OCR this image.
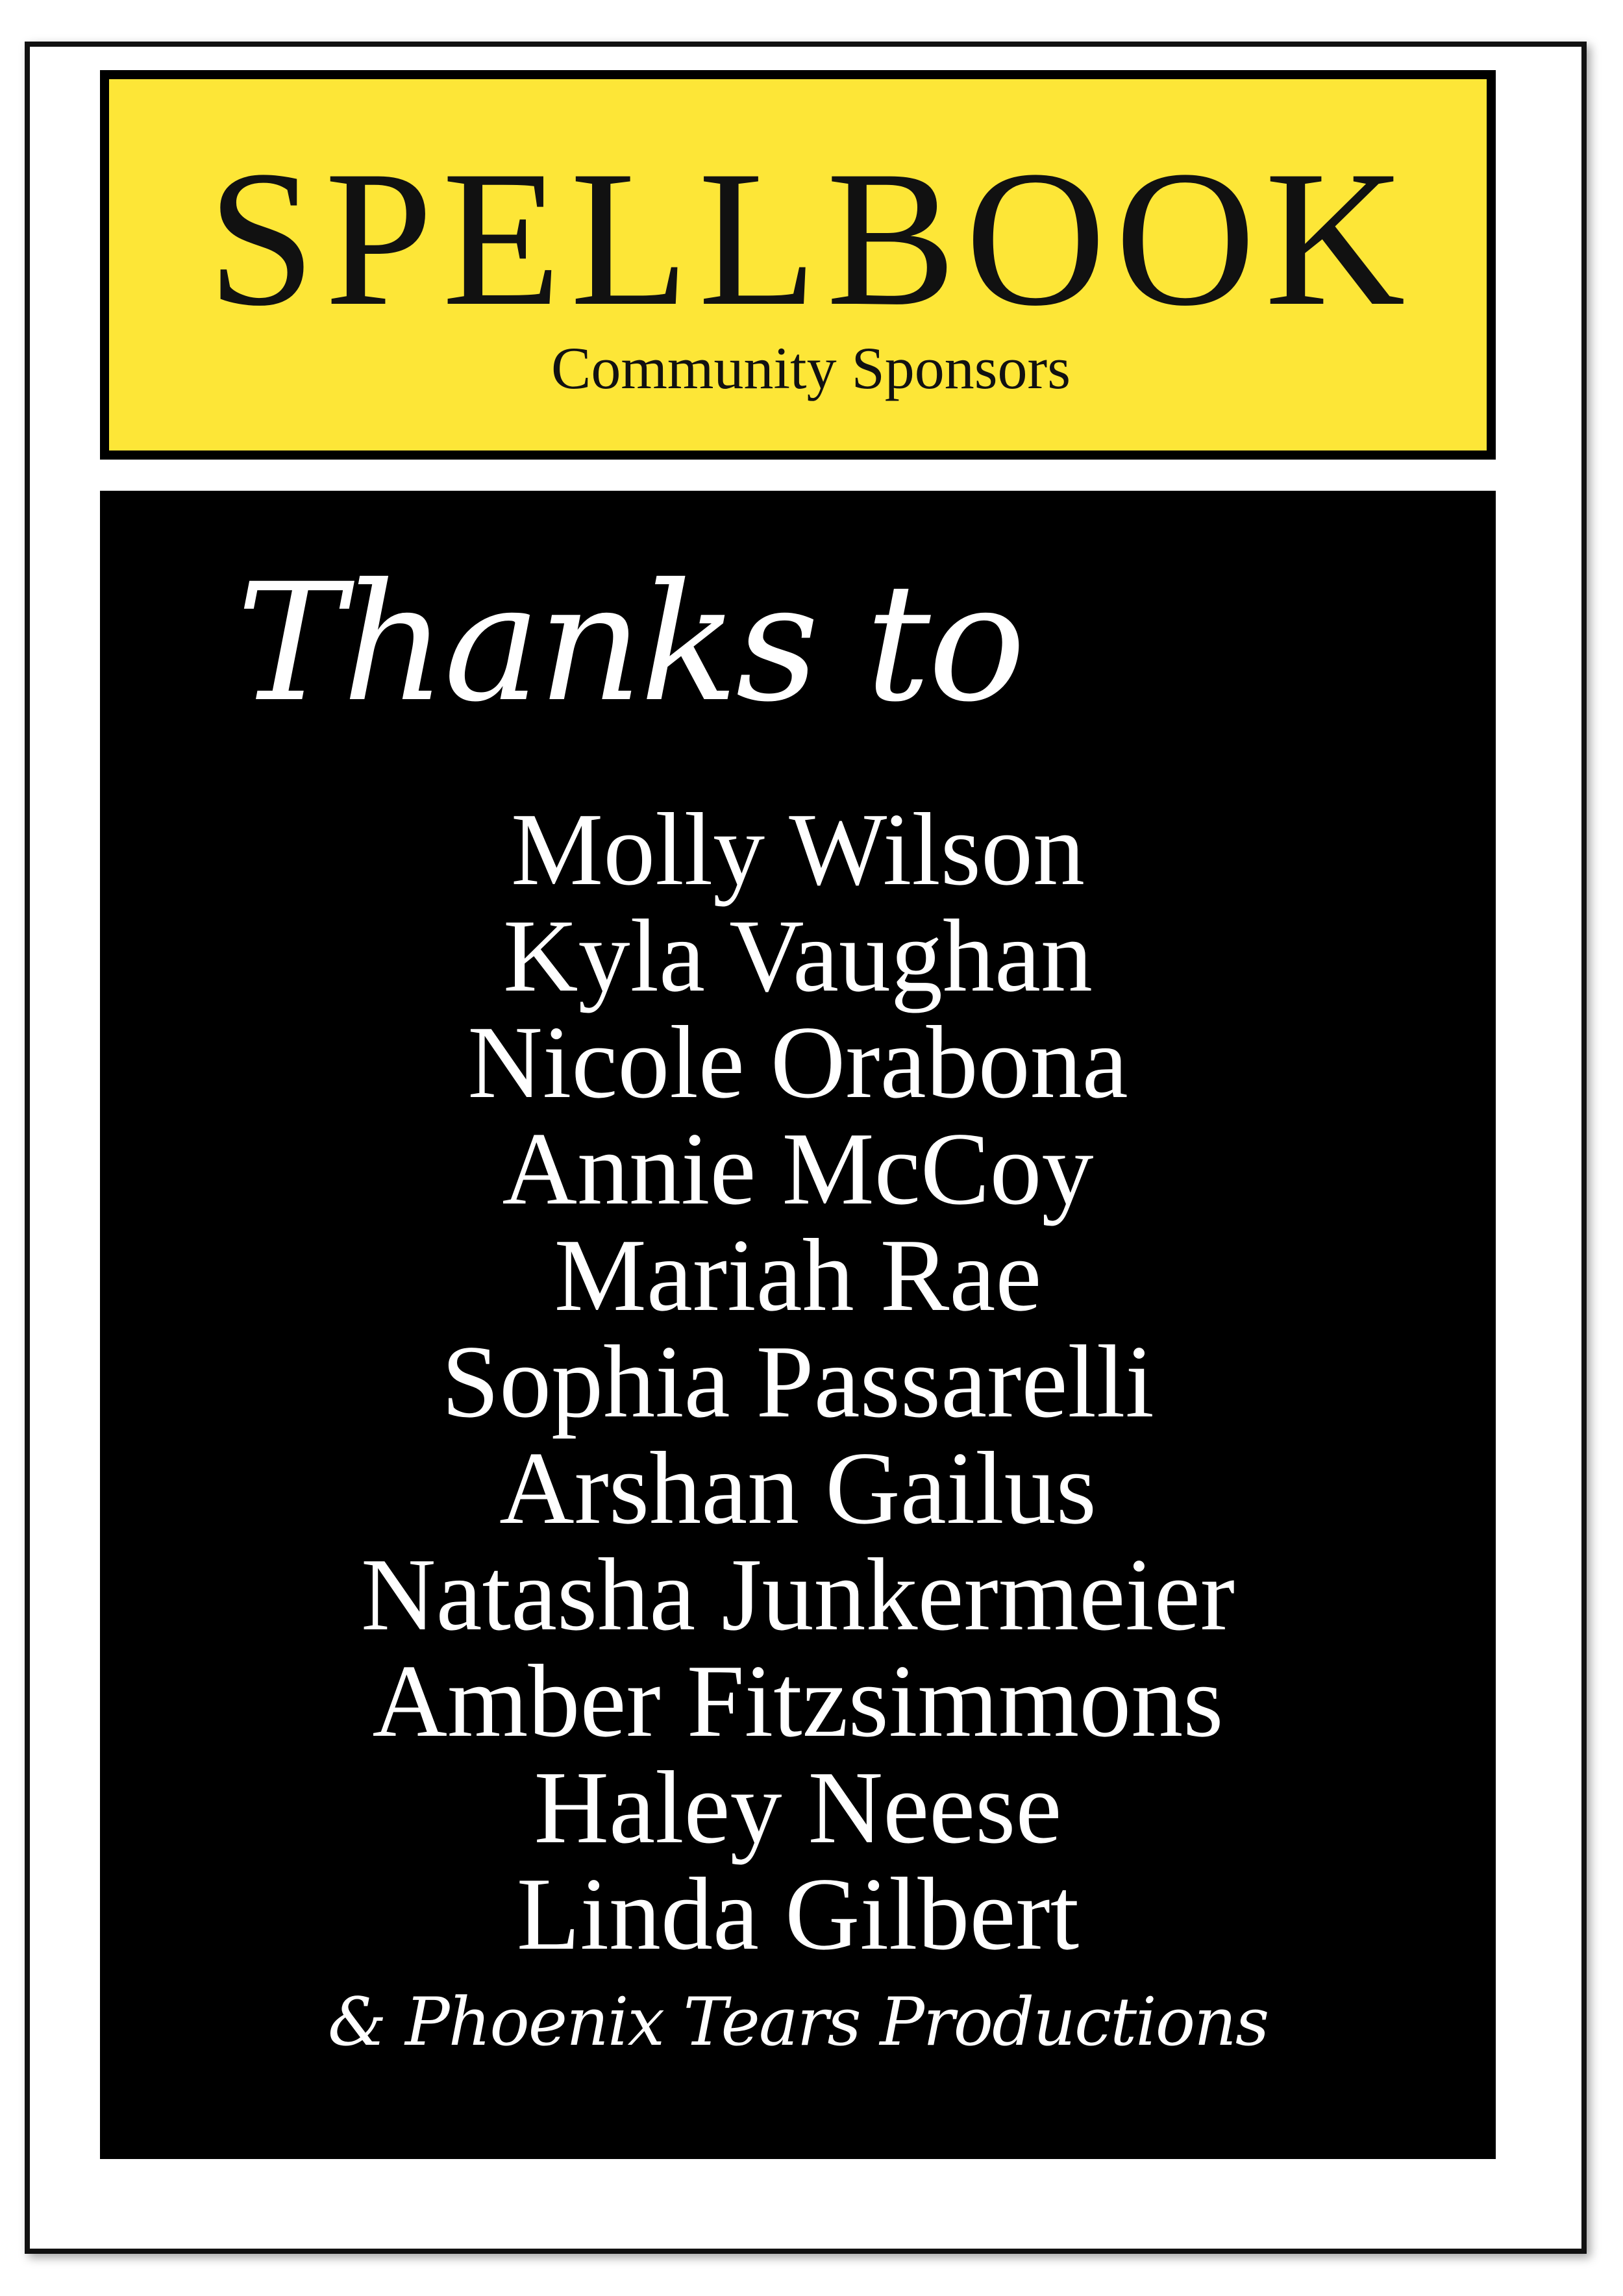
SPELLBOOK
Community Sponsors
Thanks to
Molly Wilson
Kyla Vaughan
Nicole Orabona
Annie McCoy
Mariah Rae
Sophia Passarelli
Arshan Gailus
Natasha Junkermeier
Amber Fitzsimmons
Haley Neese
Linda Gilbert
& Phoenix Tears Productions
